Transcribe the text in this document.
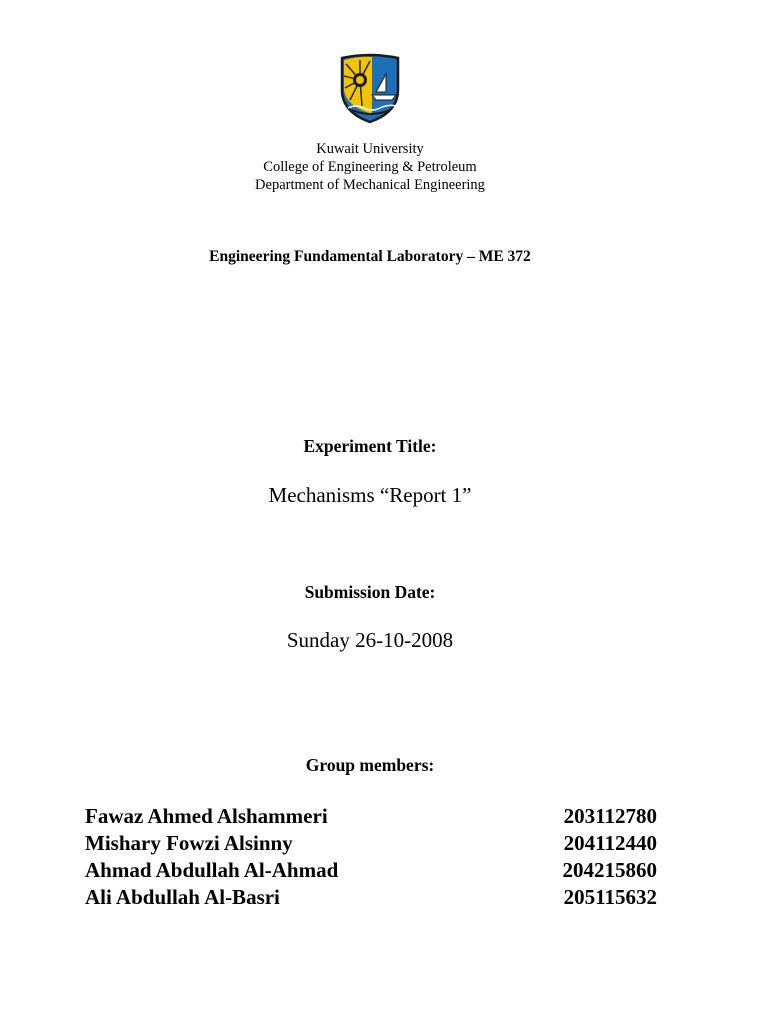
Kuwait University
College of Engineering & Petroleum
Department of Mechanical Engineering
Engineering Fundamental Laboratory – ME 372
Experiment Title:
Mechanisms “Report 1”
Submission Date:
Sunday 26-10-2008
Group members:
Fawaz Ahmed Alshammeri	203112780
Mishary Fowzi Alsinny	204112440
Ahmad Abdullah Al-Ahmad	204215860
Ali Abdullah Al-Basri	205115632
